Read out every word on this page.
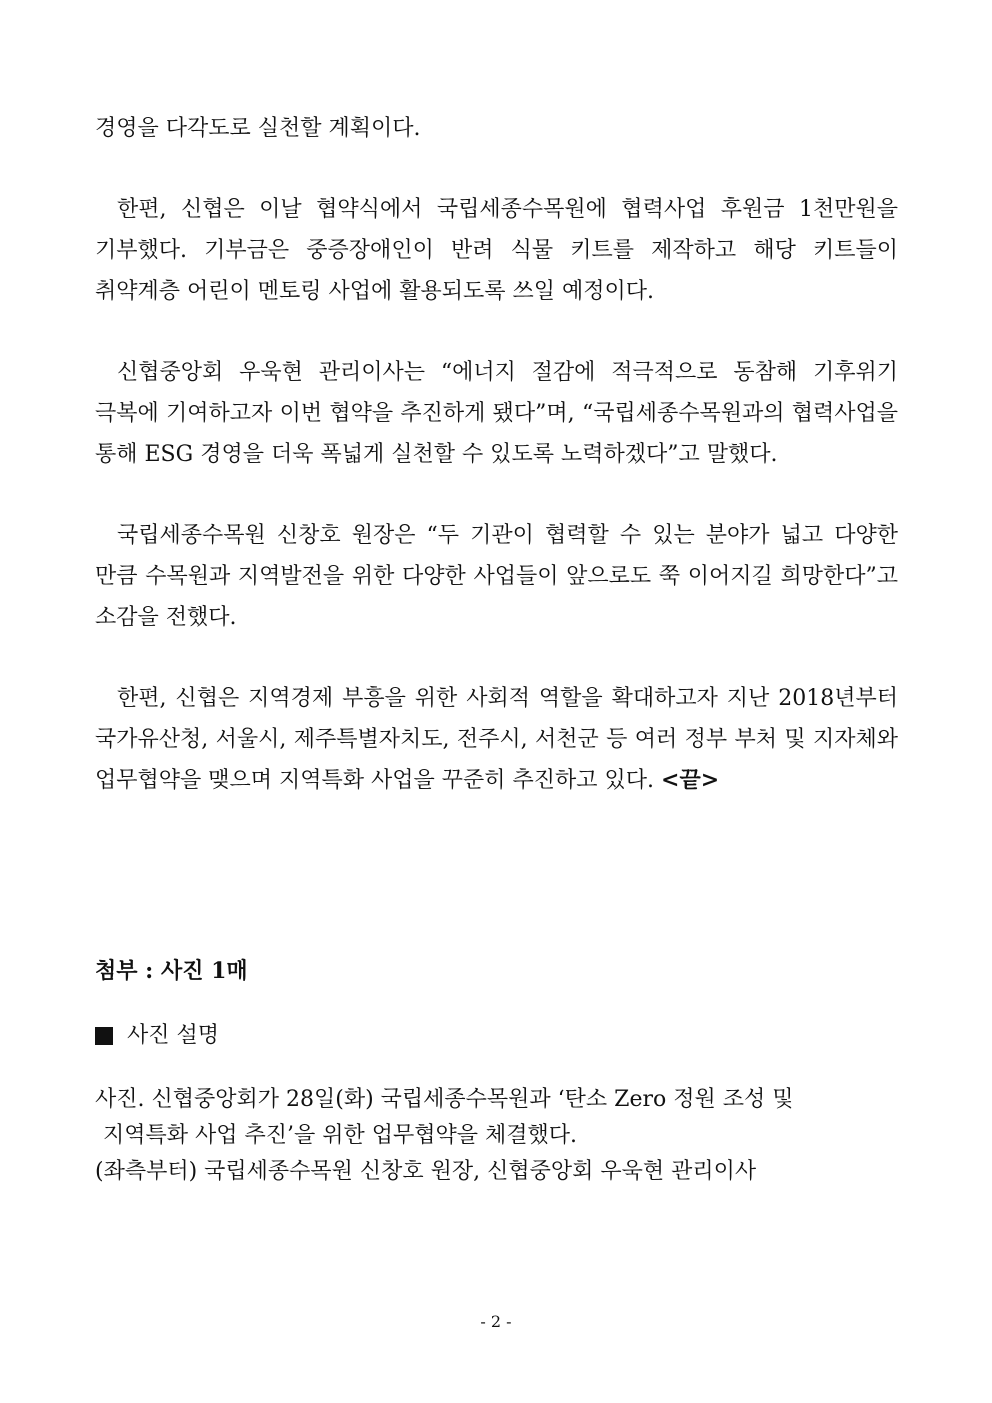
경영을 다각도로 실천할 계획이다.

한편, 신협은 이날 협약식에서 국립세종수목원에 협력사업 후원금 1천만원을 기부했다. 기부금은 중증장애인이 반려 식물 키트를 제작하고 해당 키트들이 취약계층 어린이 멘토링 사업에 활용되도록 쓰일 예정이다.

신협중앙회 우욱현 관리이사는 “에너지 절감에 적극적으로 동참해 기후위기 극복에 기여하고자 이번 협약을 추진하게 됐다”며, “국립세종수목원과의 협력사업을 통해 ESG 경영을 더욱 폭넓게 실천할 수 있도록 노력하겠다”고 말했다.

국립세종수목원 신창호 원장은 “두 기관이 협력할 수 있는 분야가 넓고 다양한 만큼 수목원과 지역발전을 위한 다양한 사업들이 앞으로도 쭉 이어지길 희망한다”고 소감을 전했다.

한편, 신협은 지역경제 부흥을 위한 사회적 역할을 확대하고자 지난 2018년부터 국가유산청, 서울시, 제주특별자치도, 전주시, 서천군 등 여러 정부 부처 및 지자체와 업무협약을 맺으며 지역특화 사업을 꾸준히 추진하고 있다. <끝>

첨부 : 사진 1매

사진 설명

사진. 신협중앙회가 28일(화) 국립세종수목원과 ‘탄소 Zero 정원 조성 및

지역특화 사업 추진’을 위한 업무협약을 체결했다.

(좌측부터) 국립세종수목원 신창호 원장, 신협중앙회 우욱현 관리이사

- 2 -
